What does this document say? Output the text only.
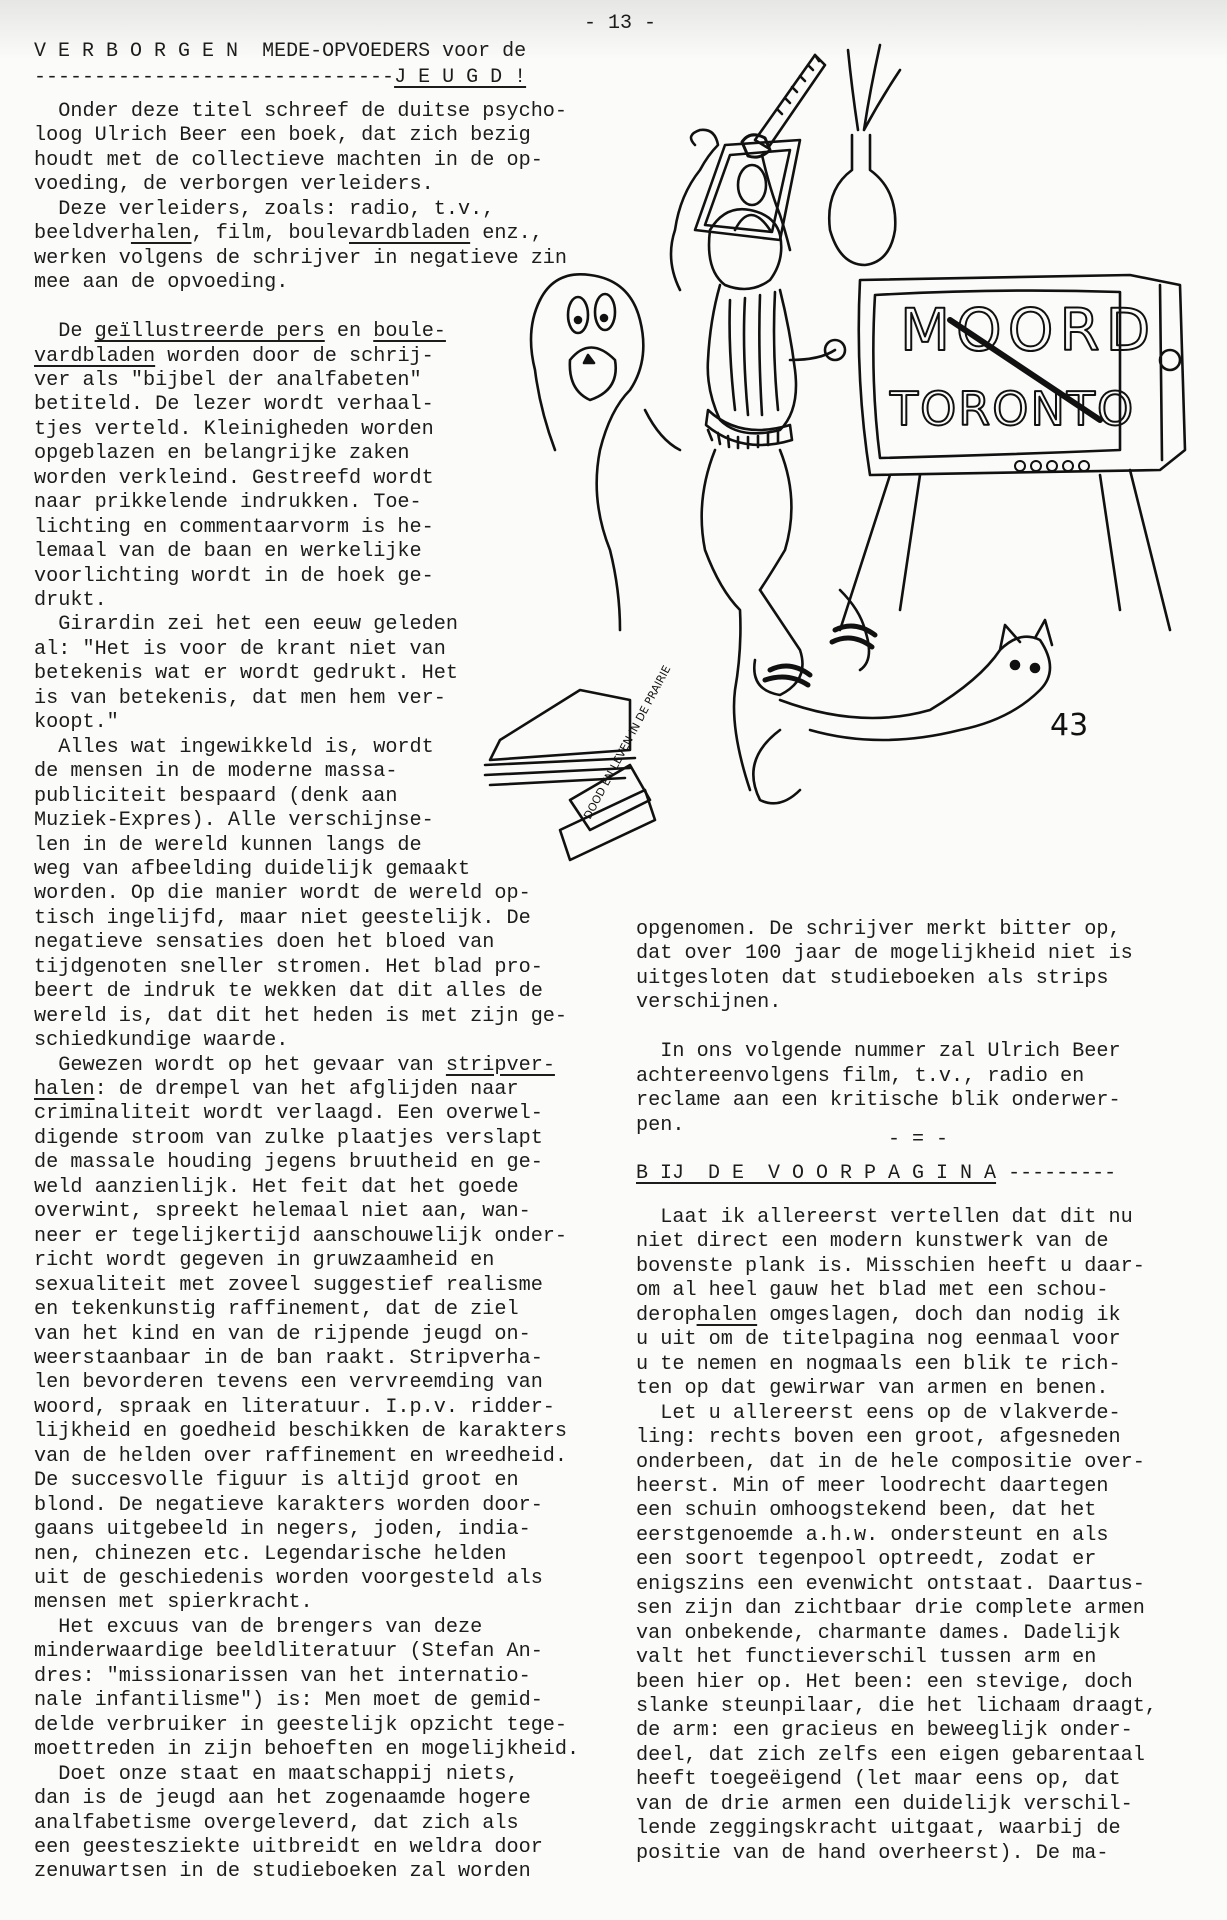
- 13 -
V E R B O R G E N MEDE-OPVOEDERS voor de
------------------------------J E U G D !
Onder deze titel schreef de duitse psycho-
loog Ulrich Beer een boek, dat zich bezig
houdt met de collectieve machten in de op-
voeding, de verborgen verleiders.
Deze verleiders, zoals: radio, t.v.,
beeldverhalen, film, boulevardbladen enz.,
werken volgens de schrijver in negatieve zin
mee aan de opvoeding.
De geïllustreerde pers en boule-
vardbladen worden door de schrij-
ver als "bijbel der analfabeten"
betiteld. De lezer wordt verhaal-
tjes verteld. Kleinigheden worden
opgeblazen en belangrijke zaken
worden verkleind. Gestreefd wordt
naar prikkelende indrukken. Toe-
lichting en commentaarvorm is he-
lemaal van de baan en werkelijke
voorlichting wordt in de hoek ge-
drukt.
Girardin zei het een eeuw geleden
al: "Het is voor de krant niet van
betekenis wat er wordt gedrukt. Het
is van betekenis, dat men hem ver-
koopt."
Alles wat ingewikkeld is, wordt
de mensen in de moderne massa-
publiciteit bespaard (denk aan
Muziek-Expres). Alle verschijnse-
len in de wereld kunnen langs de
weg van afbeelding duidelijk gemaakt
worden. Op die manier wordt de wereld op-
tisch ingelijfd, maar niet geestelijk. De
negatieve sensaties doen het bloed van
tijdgenoten sneller stromen. Het blad pro-
beert de indruk te wekken dat dit alles de
wereld is, dat dit het heden is met zijn ge-
schiedkundige waarde.
Gewezen wordt op het gevaar van stripver-
halen: de drempel van het afglijden naar
criminaliteit wordt verlaagd. Een overwel-
digende stroom van zulke plaatjes verslapt
de massale houding jegens bruutheid en ge-
weld aanzienlijk. Het feit dat het goede
overwint, spreekt helemaal niet aan, wan-
neer er tegelijkertijd aanschouwelijk onder-
richt wordt gegeven in gruwzaamheid en
sexualiteit met zoveel suggestief realisme
en tekenkunstig raffinement, dat de ziel
van het kind en van de rijpende jeugd on-
weerstaanbaar in de ban raakt. Stripverha-
len bevorderen tevens een vervreemding van
woord, spraak en literatuur. I.p.v. ridder-
lijkheid en goedheid beschikken de karakters
van de helden over raffinement en wreedheid.
De succesvolle figuur is altijd groot en
blond. De negatieve karakters worden door-
gaans uitgebeeld in negers, joden, india-
nen, chinezen etc. Legendarische helden
uit de geschiedenis worden voorgesteld als
mensen met spierkracht.
Het excuus van de brengers van deze
minderwaardige beeldliteratuur (Stefan An-
dres: "missionarissen van het internatio-
nale infantilisme") is: Men moet de gemid-
delde verbruiker in geestelijk opzicht tege-
moettreden in zijn behoeften en mogelijkheid.
Doet onze staat en maatschappij niets,
dan is de jeugd aan het zogenaamde hogere
analfabetisme overgeleverd, dat zich als
een geestesziekte uitbreidt en weldra door
zenuwartsen in de studieboeken zal worden
opgenomen. De schrijver merkt bitter op,
dat over 100 jaar de mogelijkheid niet is
uitgesloten dat studieboeken als strips
verschijnen.
In ons volgende nummer zal Ulrich Beer
achtereenvolgens film, t.v., radio en
reclame aan een kritische blik onderwer-
pen.
- = -
B IJ  D E  V O O R P A G I N A ---------
Laat ik allereerst vertellen dat dit nu
niet direct een modern kunstwerk van de
bovenste plank is. Misschien heeft u daar-
om al heel gauw het blad met een schou-
derophalen omgeslagen, doch dan nodig ik
u uit om de titelpagina nog eenmaal voor
u te nemen en nogmaals een blik te rich-
ten op dat gewirwar van armen en benen.
Let u allereerst eens op de vlakverde-
ling: rechts boven een groot, afgesneden
onderbeen, dat in de hele compositie over-
heerst. Min of meer loodrecht daartegen
een schuin omhoogstekend been, dat het
eerstgenoemde a.h.w. ondersteunt en als
een soort tegenpool optreedt, zodat er
enigszins een evenwicht ontstaat. Daartus-
sen zijn dan zichtbaar drie complete armen
van onbekende, charmante dames. Dadelijk
valt het functieverschil tussen arm en
been hier op. Het been: een stevige, doch
slanke steunpilaar, die het lichaam draagt,
de arm: een gracieus en beweeglijk onder-
deel, dat zich zelfs een eigen gebarentaal
heeft toegeëigend (let maar eens op, dat
van de drie armen een duidelijk verschil-
lende zeggingskracht uitgaat, waarbij de
positie van de hand overheerst). De ma-
MOORD
TORONTO
DOOD EN LEVEN IN DE PRAIRIE	43
